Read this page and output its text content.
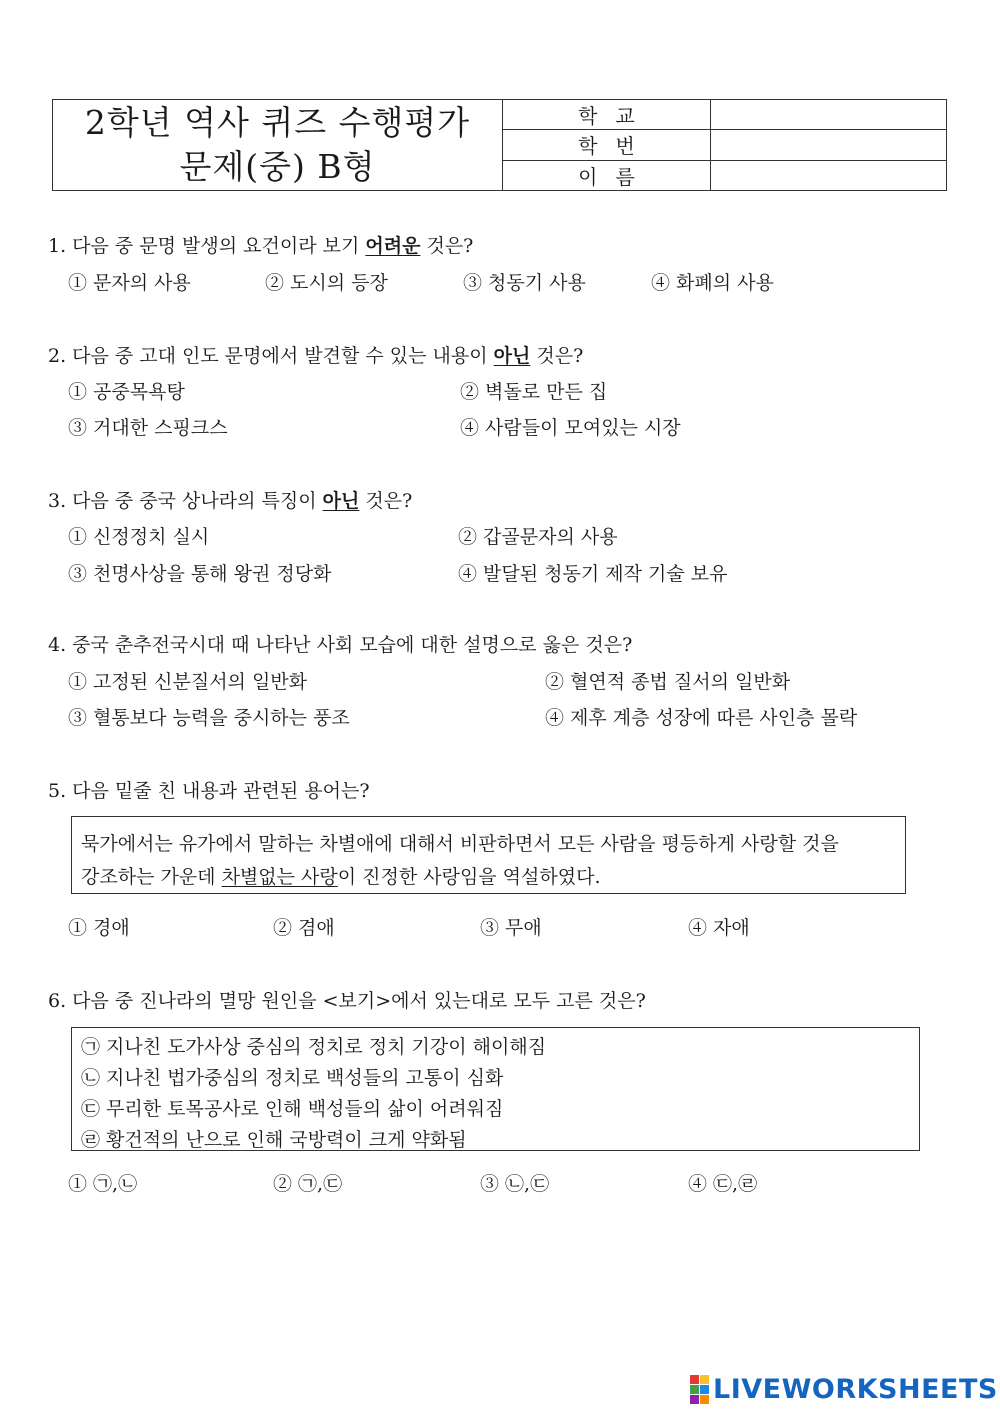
2학년 역사 퀴즈 수행평가
문제(중) B형
학교
학번
이름
1. 다음 중 문명 발생의 요건이라 보기 어려운 것은?
① 문자의 사용	② 도시의 등장	③ 청동기 사용	④ 화폐의 사용
2. 다음 중 고대 인도 문명에서 발견할 수 있는 내용이 아닌 것은?
① 공중목욕탕	② 벽돌로 만든 집
③ 거대한 스핑크스	④ 사람들이 모여있는 시장
3. 다음 중 중국 상나라의 특징이 아닌 것은?
① 신정정치 실시	② 갑골문자의 사용
③ 천명사상을 통해 왕권 정당화	④ 발달된 청동기 제작 기술 보유
4. 중국 춘추전국시대 때 나타난 사회 모습에 대한 설명으로 옳은 것은?
① 고정된 신분질서의 일반화	② 혈연적 종법 질서의 일반화
③ 혈통보다 능력을 중시하는 풍조	④ 제후 계층 성장에 따른 사인층 몰락
5. 다음 밑줄 친 내용과 관련된 용어는?
묵가에서는 유가에서 말하는 차별애에 대해서 비판하면서 모든 사람을 평등하게 사랑할 것을
강조하는 가운데 차별없는 사랑이 진정한 사랑임을 역설하였다.
① 경애	② 겸애	③ 무애	④ 자애
6. 다음 중 진나라의 멸망 원인을 <보기>에서 있는대로 모두 고른 것은?
㉠ 지나친 도가사상 중심의 정치로 정치 기강이 해이해짐
㉡ 지나친 법가중심의 정치로 백성들의 고통이 심화
㉢ 무리한 토목공사로 인해 백성들의 삶이 어려워짐
㉣ 황건적의 난으로 인해 국방력이 크게 약화됨
① ㉠,㉡	② ㉠,㉢	③ ㉡,㉢	④ ㉢,㉣
LIVEWORKSHEETS
